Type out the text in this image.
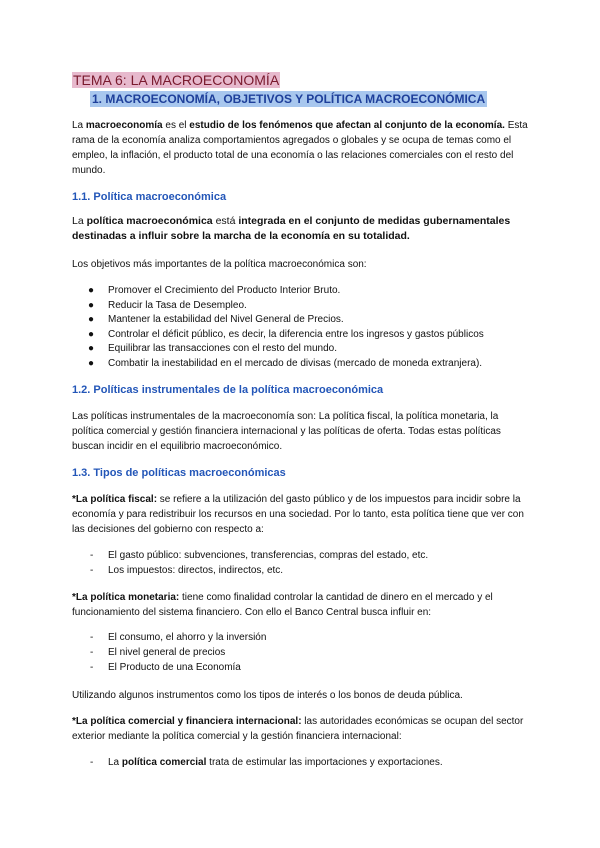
TEMA 6: LA MACROECONOMÍA
1. MACROECONOMÍA, OBJETIVOS Y POLÍTICA MACROECONÓMICA
La macroeconomía es el estudio de los fenómenos que afectan al conjunto de la economía. Esta rama de la economía analiza comportamientos agregados o globales y se ocupa de temas como el empleo, la inflación, el producto total de una economía o las relaciones comerciales con el resto del mundo.
1.1. Política macroeconómica
La política macroeconómica está integrada en el conjunto de medidas gubernamentales destinadas a influir sobre la marcha de la economía en su totalidad.
Los objetivos más importantes de la política macroeconómica son:
●	Promover el Crecimiento del Producto Interior Bruto.
●	Reducir la Tasa de Desempleo.
●	Mantener la estabilidad del Nivel General de Precios.
●	Controlar el déficit público, es decir, la diferencia entre los ingresos y gastos públicos
●	Equilibrar las transacciones con el resto del mundo.
●	Combatir la inestabilidad en el mercado de divisas (mercado de moneda extranjera).
1.2. Políticas instrumentales de la política macroeconómica
Las políticas instrumentales de la macroeconomía son: La política fiscal, la política monetaria, la política comercial y gestión financiera internacional y las políticas de oferta. Todas estas políticas buscan incidir en el equilibrio macroeconómico.
1.3. Tipos de políticas macroeconómicas
*La política fiscal: se refiere a la utilización del gasto público y de los impuestos para incidir sobre la economía y para redistribuir los recursos en una sociedad. Por lo tanto, esta política tiene que ver con las decisiones del gobierno con respecto a:
- El gasto público: subvenciones, transferencias, compras del estado, etc.
- Los impuestos: directos, indirectos, etc.
*La política monetaria: tiene como finalidad controlar la cantidad de dinero en el mercado y el funcionamiento del sistema financiero. Con ello el Banco Central busca influir en:
- El consumo, el ahorro y la inversión
- El nivel general de precios
- El Producto de una Economía
Utilizando algunos instrumentos como los tipos de interés o los bonos de deuda pública.
*La política comercial y financiera internacional: las autoridades económicas se ocupan del sector exterior mediante la política comercial y la gestión financiera internacional:
- La política comercial trata de estimular las importaciones y exportaciones.
